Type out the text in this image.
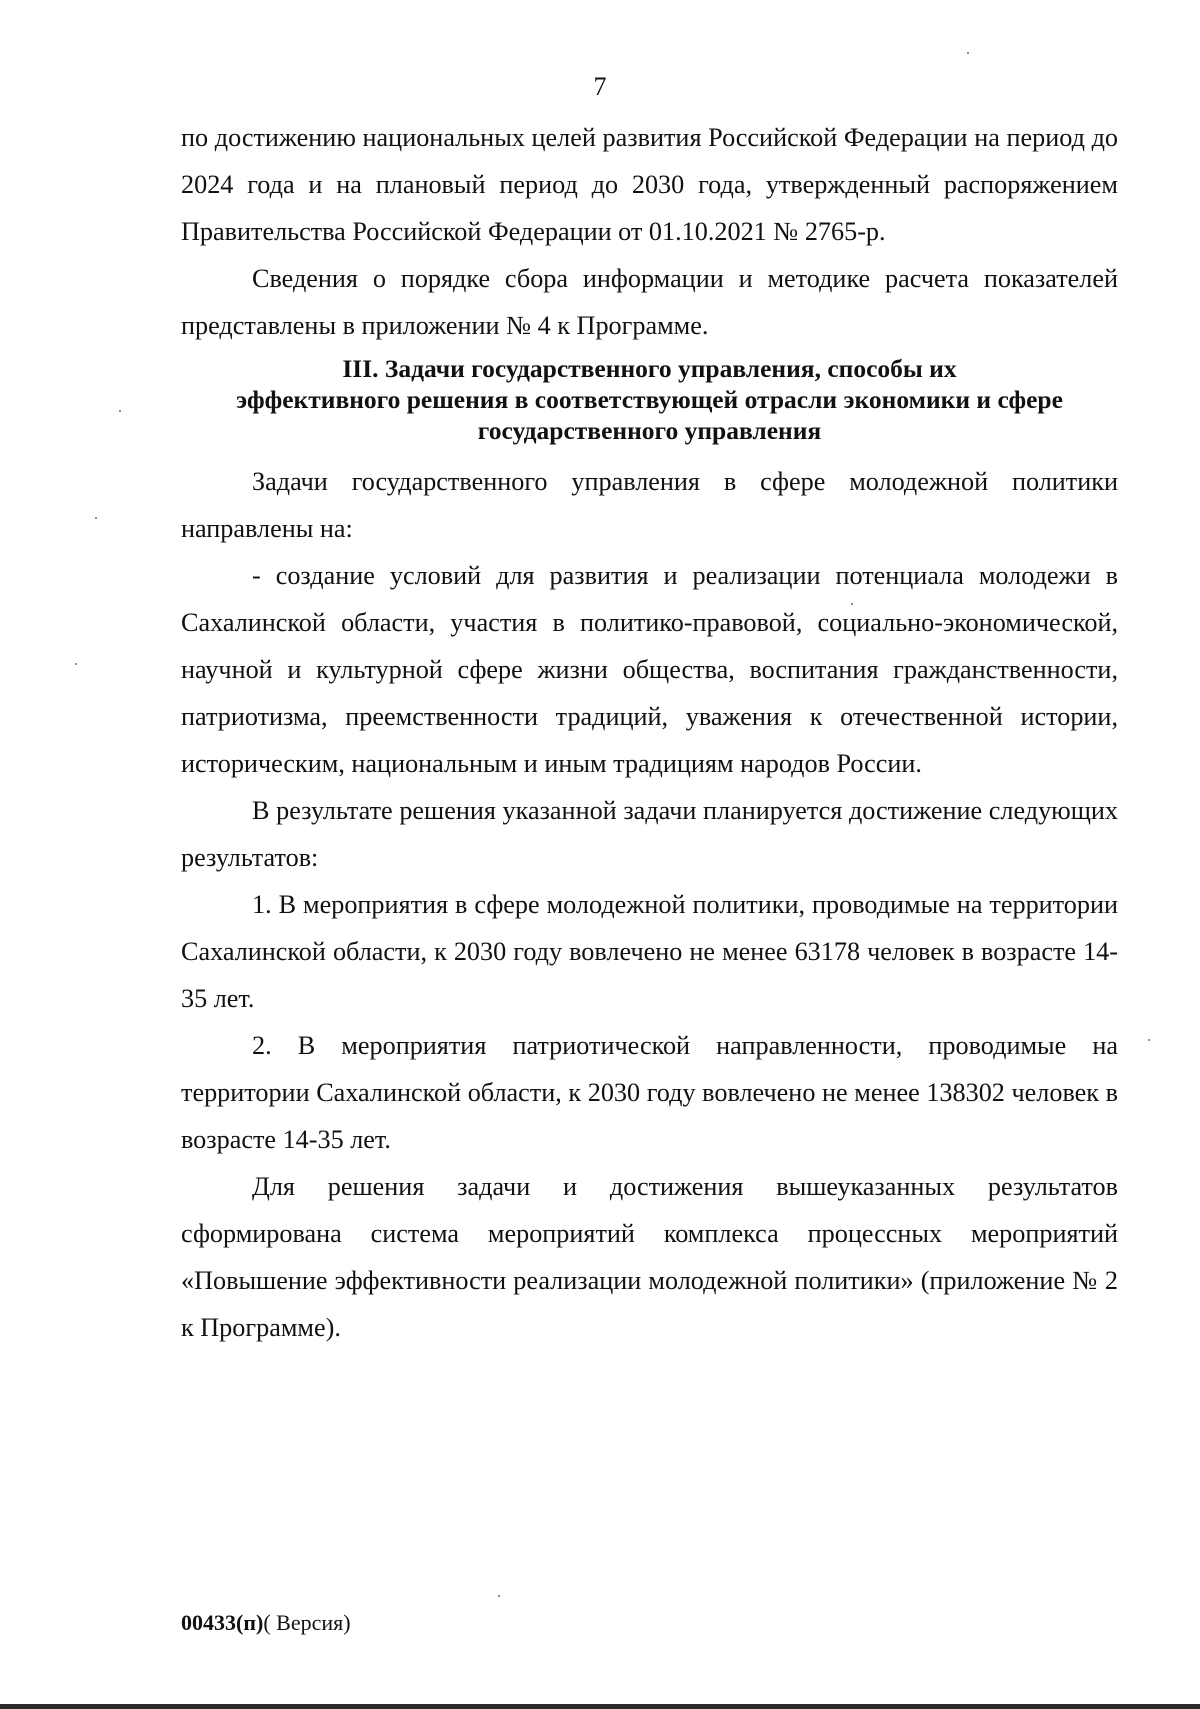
7

по достижению национальных целей развития Российской Федерации на период до 2024 года и на плановый период до 2030 года, утвержденный распоряжением Правительства Российской Федерации от 01.10.2021 № 2765-р.

Сведения о порядке сбора информации и методике расчета показателей представлены в приложении № 4 к Программе.

III. Задачи государственного управления, способы их
эффективного решения в соответствующей отрасли экономики и сфере
государственного управления

Задачи государственного управления в сфере молодежной политики направлены на:

- создание условий для развития и реализации потенциала молодежи в Сахалинской области, участия в политико-правовой, социально-экономической, научной и культурной сфере жизни общества, воспитания гражданственности, патриотизма, преемственности традиций, уважения к отечественной истории, историческим, национальным и иным традициям народов России.

В результате решения указанной задачи планируется достижение следующих результатов:

1. В мероприятия в сфере молодежной политики, проводимые на территории Сахалинской области, к 2030 году вовлечено не менее 63178 человек в возрасте 14-35 лет.

2. В мероприятия патриотической направленности, проводимые на территории Сахалинской области, к 2030 году вовлечено не менее 138302 человек в возрасте 14-35 лет.

Для решения задачи и достижения вышеуказанных результатов сформирована система мероприятий комплекса процессных мероприятий «Повышение эффективности реализации молодежной политики» (приложение № 2 к Программе).

00433(п)( Версия)
